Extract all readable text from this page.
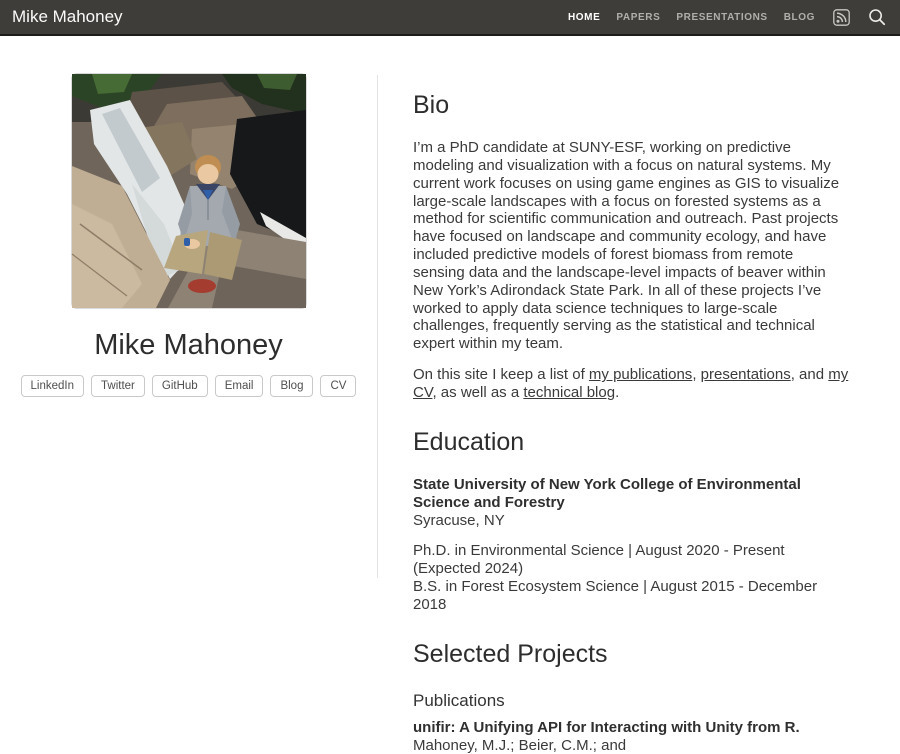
Mike Mahoney	HOME PAPERS PRESENTATIONS BLOG
Mike Mahoney
LinkedIn	Twitter	GitHub	Email	Blog	CV
Bio

I’m a PhD candidate at SUNY-ESF, working on predictive modeling and visualization with a focus on natural systems. My current work focuses on using game engines as GIS to visualize large-scale landscapes with a focus on forested systems as a method for scientific communication and outreach. Past projects have focused on landscape and community ecology, and have included predictive models of forest biomass from remote sensing data and the landscape-level impacts of beaver within New York’s Adirondack State Park. In all of these projects I’ve worked to apply data science techniques to large-scale challenges, frequently serving as the statistical and technical expert within my team.

On this site I keep a list of my publications, presentations, and my CV, as well as a technical blog.

Education
State University of New York College of Environmental Science and Forestry
Syracuse, NY

Ph.D. in Environmental Science | August 2020 - Present (Expected 2024)
B.S. in Forest Ecosystem Science | August 2015 - December 2018

Selected Projects
Publications

unifir: A Unifying API for Interacting with Unity from R. Mahoney, M.J.; Beier, C.M.; and
